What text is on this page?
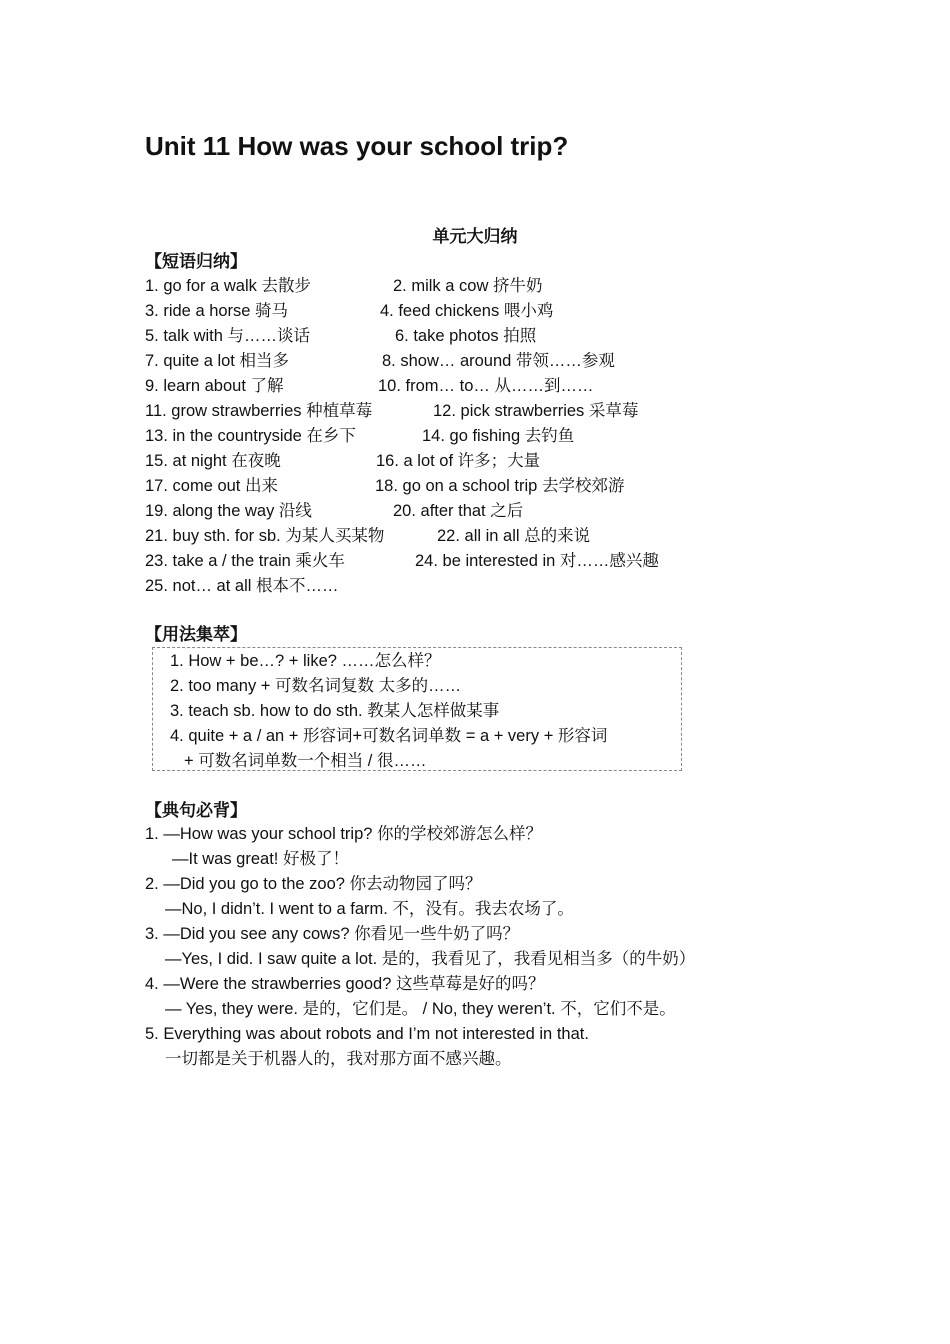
Unit 11 How was your school trip?
单元大归纳
【短语归纳】
1. go for a walk 去散步	2. milk a cow 挤牛奶
3. ride a horse 骑马	4. feed chickens 喂小鸡
5. talk with 与……谈话	6. take photos 拍照
7. quite a lot 相当多	8. show… around 带领……参观
9. learn about 了解	10. from… to… 从……到……
11. grow strawberries 种植草莓	12. pick strawberries 采草莓
13. in the countryside 在乡下	14. go fishing 去钓鱼
15. at night 在夜晚	16. a lot of 许多；大量
17. come out 出来	18. go on a school trip 去学校郊游
19. along the way 沿线	20. after that 之后
21. buy sth. for sb. 为某人买某物	22. all in all 总的来说
23. take a / the train 乘火车	24. be interested in 对……感兴趣
25. not… at all 根本不……
【用法集萃】
1. How + be…? + like? ……怎么样？
2. too many + 可数名词复数 太多的……
3. teach sb. how to do sth. 教某人怎样做某事
4. quite + a / an + 形容词+可数名词单数 = a + very + 形容词
+ 可数名词单数一个相当 / 很……
【典句必背】
1. —How was your school trip? 你的学校郊游怎么样？
—It was great! 好极了！
2. —Did you go to the zoo? 你去动物园了吗？
—No, I didn’t. I went to a farm. 不，没有。我去农场了。
3. —Did you see any cows? 你看见一些牛奶了吗？
—Yes, I did. I saw quite a lot. 是的，我看见了，我看见相当多（的牛奶）
4. —Were the strawberries good? 这些草莓是好的吗？
— Yes, they were. 是的，它们是。 / No, they weren’t. 不，它们不是。
5. Everything was about robots and I’m not interested in that.
一切都是关于机器人的，我对那方面不感兴趣。
